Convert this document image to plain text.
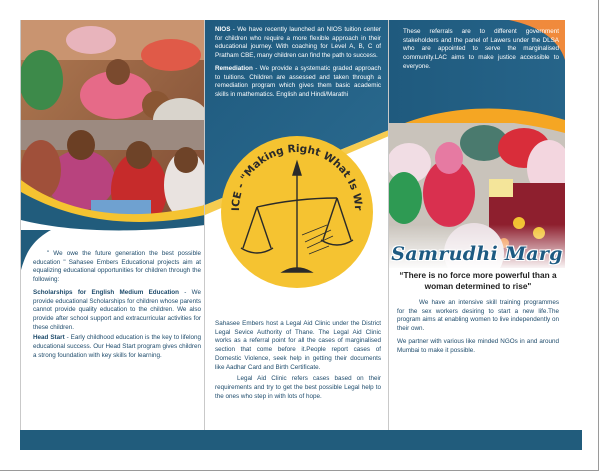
" We owe the future generation the best possible education " Sahasee Embers Educational projects aim at equalizing educational opportunities for children through the following:

Scholarships for English Medium Education - We provide educational Scholarships for children whose parents cannot provide quality education to the children. We also provide after school support and extracurricular activities for these children.

Head Start - Early childhood education is the key to lifelong educational success. Our Head Start program gives children a strong foundation with key skills for learning.

NIOS - We have recently launched an NIOS tuition center for children who require a more flexible approach in their educational journey. With coaching for Level A, B, C of Pratham CBE, many children can find the path to success.

Remediation - We provide a systematic graded approach to tuitions. Children are assessed and taken through a remediation program which gives them basic academic skills in mathematics. English and Hindi/Marathi

ICE - "Making Right What Is Wr

Sahasee Embers host a Legal Aid Clinic under the District Legal Sevice Authority of Thane. The Legal Aid Clinic works as a referral point for all the cases of marginalised section that come before it.People report cases of Domestic Violence, seek help in getting their documents like Aadhar Card and Birth Certificate.

Legal Aid Clinic refers cases based on their requirements and try to get the best possible Legal help to the ones who step in with lots of hope.

These referrals are to different government stakeholders and the panel of Lawers under the DLSA who are appointed to serve the marginalised community.LAC aims to make justice accessible to everyone.

Samrudhi Marg

“There is no force more powerful than a woman determined to rise"

We have an intensive skill training programmes for the sex workers desiring to start a new life.The program aims at enabling women to live independently on their own.

We partner with various like minded NGOs in and around Mumbai to make it possible.
